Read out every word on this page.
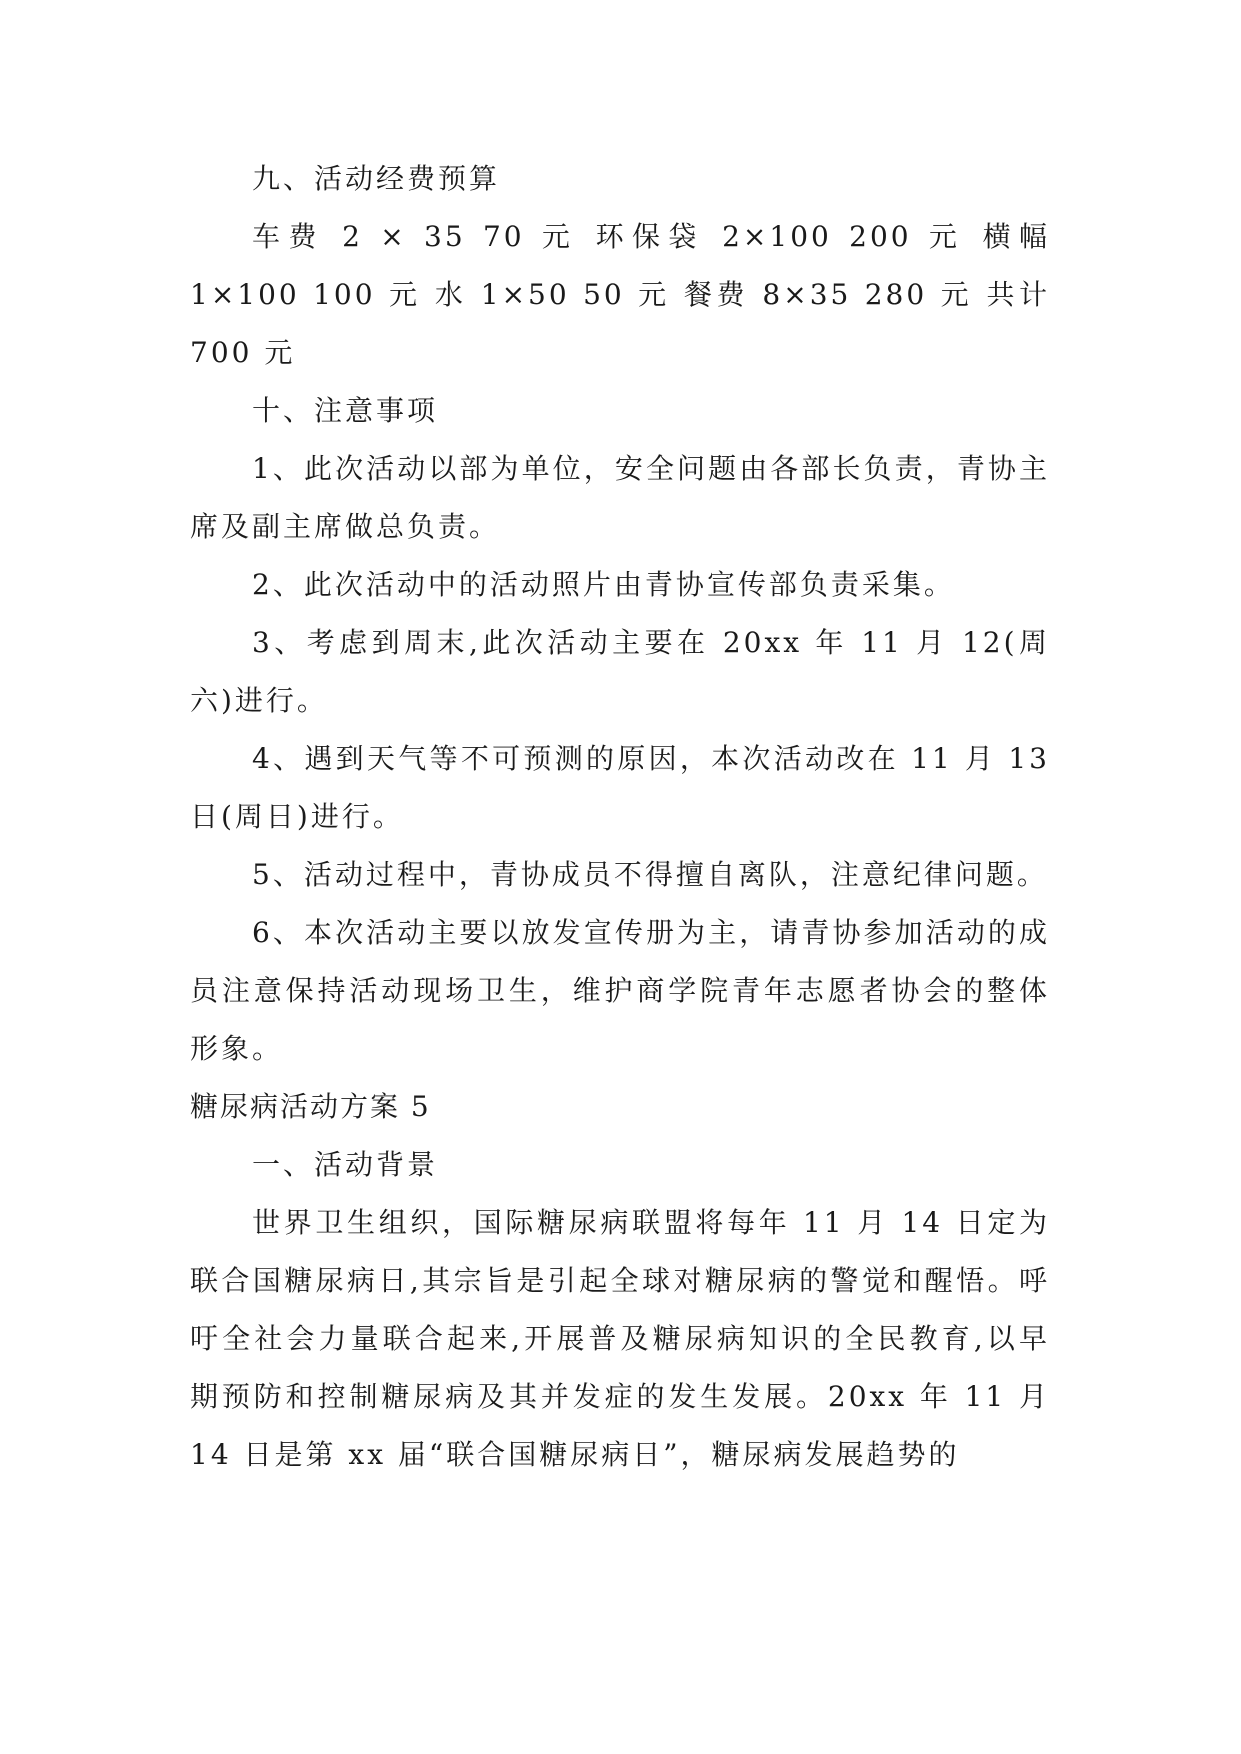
九、活动经费预算

车费 2 × 35 70 元 环保袋 2×100 200 元 横幅 1×100 100 元 水 1×50 50 元 餐费 8×35 280 元 共计 700 元

十、注意事项

1、此次活动以部为单位，安全问题由各部长负责，青协主席及副主席做总负责。

2、此次活动中的活动照片由青协宣传部负责采集。

3、考虑到周末,此次活动主要在 20xx 年 11 月 12(周六)进行。

4、遇到天气等不可预测的原因，本次活动改在 11 月 13 日(周日)进行。

5、活动过程中，青协成员不得擅自离队，注意纪律问题。

6、本次活动主要以放发宣传册为主，请青协参加活动的成员注意保持活动现场卫生，维护商学院青年志愿者协会的整体形象。

糖尿病活动方案 5

一、活动背景

世界卫生组织，国际糖尿病联盟将每年 11 月 14 日定为联合国糖尿病日,其宗旨是引起全球对糖尿病的警觉和醒悟。呼吁全社会力量联合起来,开展普及糖尿病知识的全民教育,以早期预防和控制糖尿病及其并发症的发生发展。20xx 年 11 月 14 日是第 xx 届“联合国糖尿病日”，糖尿病发展趋势的
